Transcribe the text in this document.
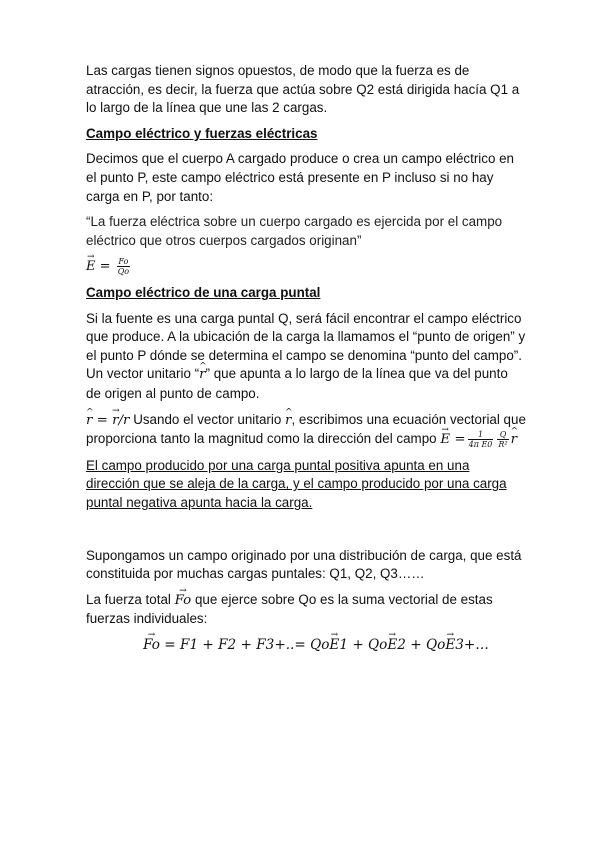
Las cargas tienen signos opuestos, de modo que la fuerza es de atracción, es decir, la fuerza que actúa sobre Q2 está dirigida hacía Q1 a lo largo de la línea que une las 2 cargas.

Campo eléctrico y fuerzas eléctricas

Decimos que el cuerpo A cargado produce o crea un campo eléctrico en el punto P, este campo eléctrico está presente en P incluso si no hay carga en P, por tanto:

“La fuerza eléctrica sobre un cuerpo cargado es ejercida por el campo eléctrico que otros cuerpos cargados originan”

→ $E = \frac{Fo}{Qo}$

Campo eléctrico de una carga puntal

Si la fuente es una carga puntal Q, será fácil encontrar el campo eléctrico que produce. A la ubicación de la carga la llamamos el “punto de origen” y el punto P dónde se determina el campo se denomina “punto del campo”. Un vector unitario “^ r” que apunta a lo largo de la línea que va del punto de origen al punto de campo.

^ r = → r/r Usando el vector unitario ^ r, escribimos una ecuación vectorial que proporciona tanto la magnitud como la dirección del campo → $E = \frac{1}{\text{4π E0}} \frac{Q}{\text{R²}}$
^ r

El campo producido por una carga puntal positiva apunta en una dirección que se aleja de la carga, y el campo producido por una carga puntal negativa apunta hacia la carga.

Supongamos un campo originado por una distribución de carga, que está constituida por muchas cargas puntales: Q1, Q2, Q3……

La fuerza total → Fo que ejerce sobre Qo es la suma vectorial de estas fuerzas individuales:

→ Fo = F1 + F2 + F3+..= Qo→ E1 + Qo→ E2 + Qo→ E3+…
